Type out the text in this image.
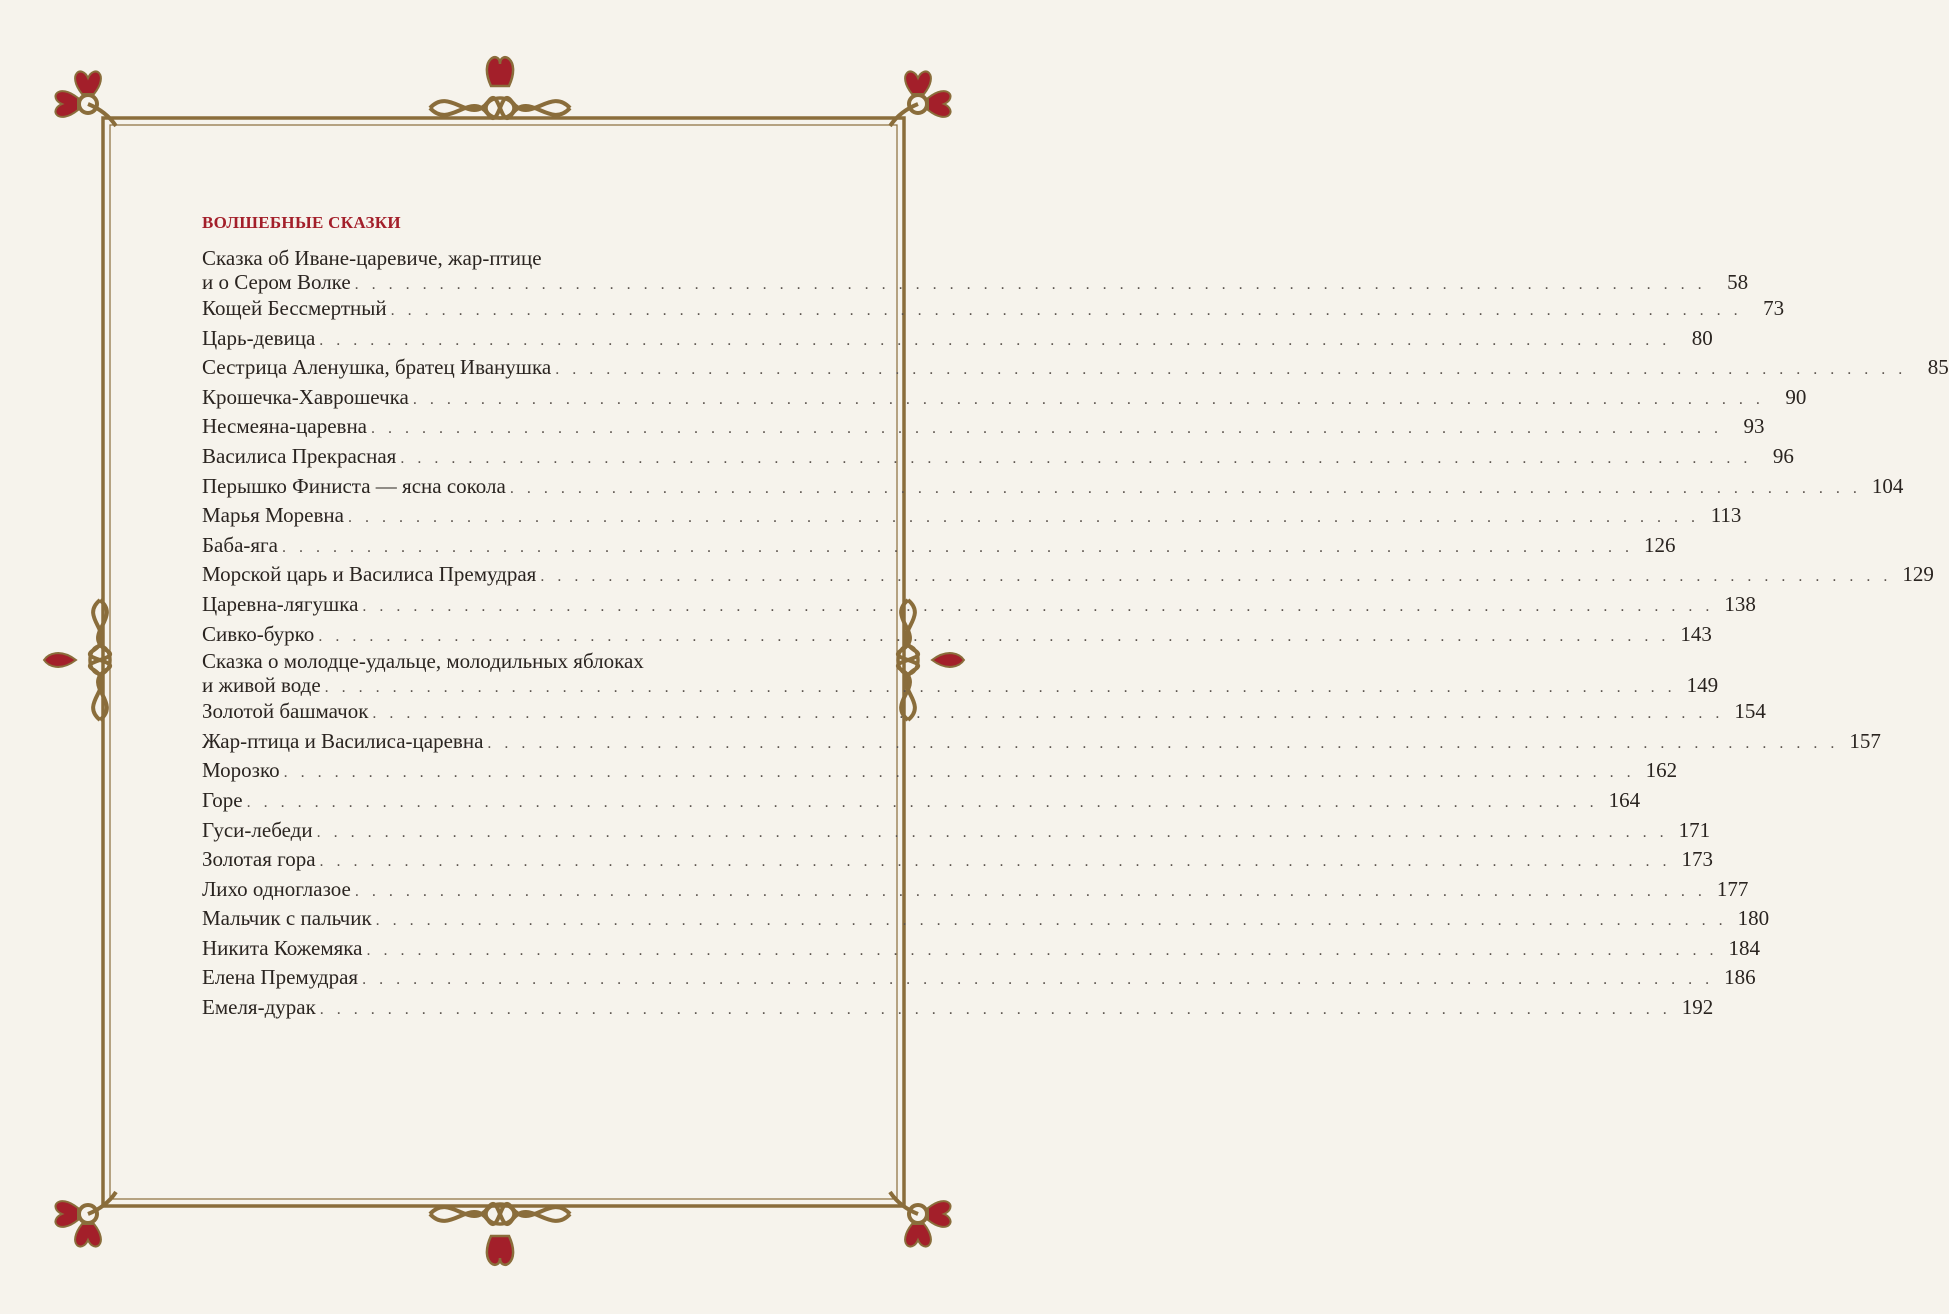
ВОЛШЕБНЫЕ СКАЗКИ
Сказка об Иване-царевиче, жар-птице
и о Сером Волке . . . . . . . . . . . . . . . . . . . . . . . . . . . . . . . . . . . . . . . . . . . . . . . . . . . . . . . . . . . . . . . . . . . . . . . . . . . . . . . .	58
Кощей Бессмертный . . . . . . . . . . . . . . . . . . . . . . . . . . . . . . . . . . . . . . . . . . . . . . . . . . . . . . . . . . . . . . . . . . . . . . . . . . . . . . . .	73
Царь-девица . . . . . . . . . . . . . . . . . . . . . . . . . . . . . . . . . . . . . . . . . . . . . . . . . . . . . . . . . . . . . . . . . . . . . . . . . . . . . . . .	80
Сестрица Аленушка, братец Иванушка . . . . . . . . . . . . . . . . . . . . . . . . . . . . . . . . . . . . . . . . . . . . . . . . . . . . . . . . . . . . . . . . . . . . . . . . . . . . . . . .	85
Крошечка-Хаврошечка . . . . . . . . . . . . . . . . . . . . . . . . . . . . . . . . . . . . . . . . . . . . . . . . . . . . . . . . . . . . . . . . . . . . . . . . . . . . . . . .	90
Несмеяна-царевна . . . . . . . . . . . . . . . . . . . . . . . . . . . . . . . . . . . . . . . . . . . . . . . . . . . . . . . . . . . . . . . . . . . . . . . . . . . . . . . .	93
Василиса Прекрасная . . . . . . . . . . . . . . . . . . . . . . . . . . . . . . . . . . . . . . . . . . . . . . . . . . . . . . . . . . . . . . . . . . . . . . . . . . . . . . . .	96
Перышко Финиста — ясна сокола . . . . . . . . . . . . . . . . . . . . . . . . . . . . . . . . . . . . . . . . . . . . . . . . . . . . . . . . . . . . . . . . . . . . . . . . . . . . . . . . 104
Марья Моревна . . . . . . . . . . . . . . . . . . . . . . . . . . . . . . . . . . . . . . . . . . . . . . . . . . . . . . . . . . . . . . . . . . . . . . . . . . . . . . . . 113
Баба-яга . . . . . . . . . . . . . . . . . . . . . . . . . . . . . . . . . . . . . . . . . . . . . . . . . . . . . . . . . . . . . . . . . . . . . . . . . . . . . . . . 126
Морской царь и Василиса Премудрая . . . . . . . . . . . . . . . . . . . . . . . . . . . . . . . . . . . . . . . . . . . . . . . . . . . . . . . . . . . . . . . . . . . . . . . . . . . . . . . . 129
Царевна-лягушка . . . . . . . . . . . . . . . . . . . . . . . . . . . . . . . . . . . . . . . . . . . . . . . . . . . . . . . . . . . . . . . . . . . . . . . . . . . . . . . . 138
Сивко-бурко . . . . . . . . . . . . . . . . . . . . . . . . . . . . . . . . . . . . . . . . . . . . . . . . . . . . . . . . . . . . . . . . . . . . . . . . . . . . . . . . 143
Сказка о молодце-удальце, молодильных яблоках
и живой воде . . . . . . . . . . . . . . . . . . . . . . . . . . . . . . . . . . . . . . . . . . . . . . . . . . . . . . . . . . . . . . . . . . . . . . . . . . . . . . . . 149
Золотой башмачок . . . . . . . . . . . . . . . . . . . . . . . . . . . . . . . . . . . . . . . . . . . . . . . . . . . . . . . . . . . . . . . . . . . . . . . . . . . . . . . . 154
Жар-птица и Василиса-царевна . . . . . . . . . . . . . . . . . . . . . . . . . . . . . . . . . . . . . . . . . . . . . . . . . . . . . . . . . . . . . . . . . . . . . . . . . . . . . . . . 157
Морозко . . . . . . . . . . . . . . . . . . . . . . . . . . . . . . . . . . . . . . . . . . . . . . . . . . . . . . . . . . . . . . . . . . . . . . . . . . . . . . . . 162
Горе . . . . . . . . . . . . . . . . . . . . . . . . . . . . . . . . . . . . . . . . . . . . . . . . . . . . . . . . . . . . . . . . . . . . . . . . . . . . . . . . 164
Гуси-лебеди . . . . . . . . . . . . . . . . . . . . . . . . . . . . . . . . . . . . . . . . . . . . . . . . . . . . . . . . . . . . . . . . . . . . . . . . . . . . . . . . 171
Золотая гора . . . . . . . . . . . . . . . . . . . . . . . . . . . . . . . . . . . . . . . . . . . . . . . . . . . . . . . . . . . . . . . . . . . . . . . . . . . . . . . . 173
Лихо одноглазое . . . . . . . . . . . . . . . . . . . . . . . . . . . . . . . . . . . . . . . . . . . . . . . . . . . . . . . . . . . . . . . . . . . . . . . . . . . . . . . . 177
Мальчик с пальчик . . . . . . . . . . . . . . . . . . . . . . . . . . . . . . . . . . . . . . . . . . . . . . . . . . . . . . . . . . . . . . . . . . . . . . . . . . . . . . . . 180
Никита Кожемяка . . . . . . . . . . . . . . . . . . . . . . . . . . . . . . . . . . . . . . . . . . . . . . . . . . . . . . . . . . . . . . . . . . . . . . . . . . . . . . . . 184
Елена Премудрая . . . . . . . . . . . . . . . . . . . . . . . . . . . . . . . . . . . . . . . . . . . . . . . . . . . . . . . . . . . . . . . . . . . . . . . . . . . . . . . . 186
Емеля-дурак . . . . . . . . . . . . . . . . . . . . . . . . . . . . . . . . . . . . . . . . . . . . . . . . . . . . . . . . . . . . . . . . . . . . . . . . . . . . . . . . 192
